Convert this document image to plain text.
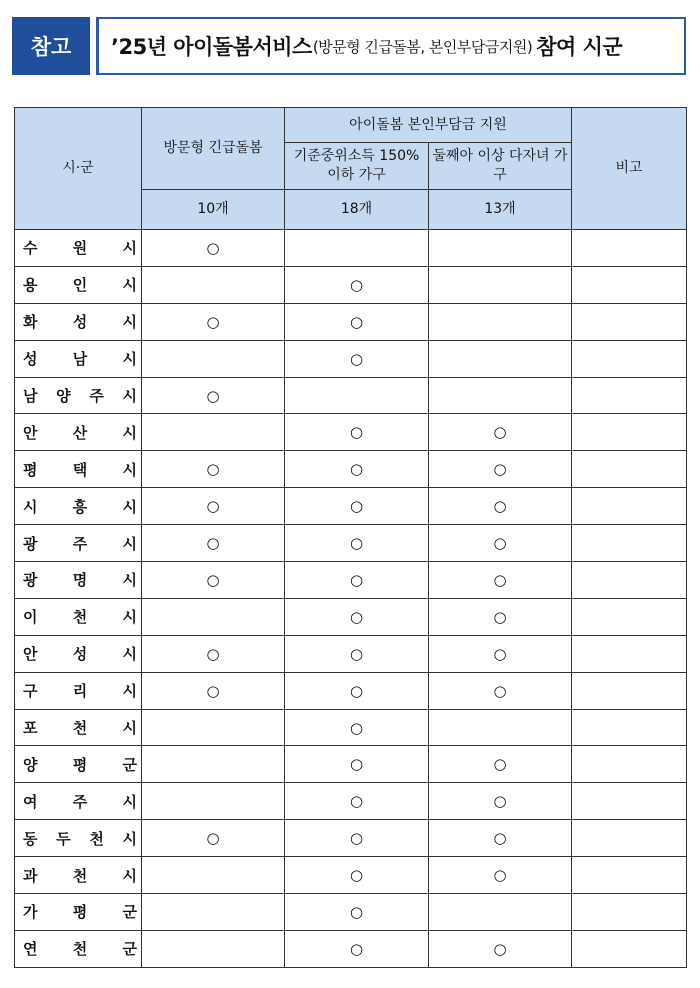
참고	’25년 아이돌봄서비스 (방문형 긴급돌봄, 본인부담금지원) 참여 시군
시·군	방문형 긴급돌봄	아이돌봄 본인부담금 지원		비고
		기준중위소득 150% 이하 가구	둘째아 이상 다자녀 가구	
	10개	18개	13개	

수 원 시	○			

용 인 시		○		

화 성 시	○	○		

성 남 시		○		

남 양 주 시	○			

안 산 시		○	○	

평 택 시	○	○	○	

시 흥 시	○	○	○	

광 주 시	○	○	○	

광 명 시	○	○	○	

이 천 시		○	○	

안 성 시	○	○	○	

구 리 시	○	○	○	

포 천 시		○		

양 평 군		○	○	

여 주 시		○	○	

동 두 천 시	○	○	○	

과 천 시		○	○	

가 평 군		○		

연 천 군		○	○	
